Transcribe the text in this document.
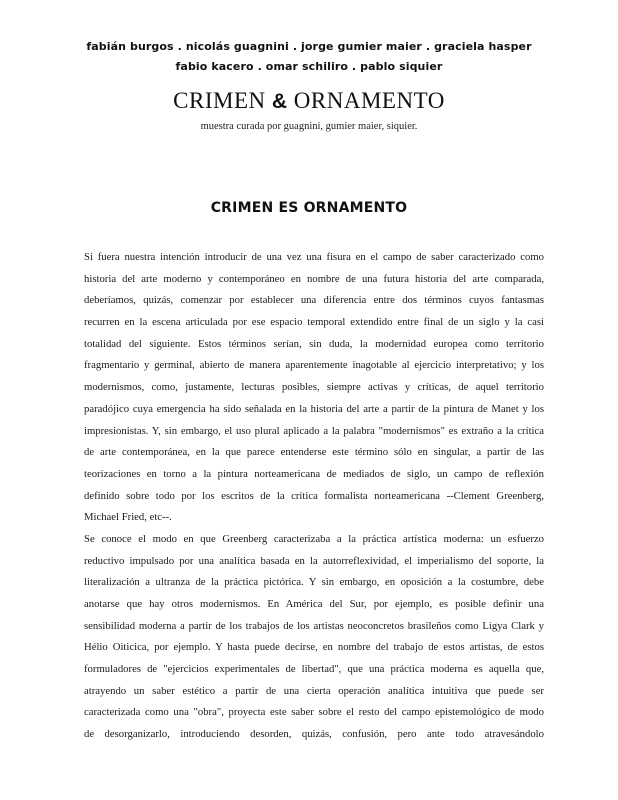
fabián burgos . nicolás guagnini . jorge gumier maier . graciela hasper
fabio kacero . omar schiliro . pablo siquier
CRIMEN & ORNAMENTO
muestra curada por guagnini, gumier maier, siquier.
CRIMEN ES ORNAMENTO
Si fuera nuestra intención introducir de una vez una fisura en el campo de saber caracterizado como
historia del arte moderno y contemporáneo en nombre de una futura historia del arte comparada,
deberíamos, quizás, comenzar por establecer una diferencia entre dos términos cuyos fantasmas
recurren en la escena articulada por ese espacio temporal extendido entre final de un siglo y la casi
totalidad del siguiente. Estos términos serían, sin duda, la modernidad europea como territorio
fragmentario y germinal, abierto de manera aparentemente inagotable al ejercicio interpretativo; y los
modernismos, como, justamente, lecturas posibles, siempre activas y críticas, de aquel territorio
paradójico cuya emergencia ha sido señalada en la historia del arte a partir de la pintura de Manet y los
impresionistas. Y, sin embargo, el uso plural aplicado a la palabra "modernismos" es extraño a la crítica
de arte contemporánea, en la que parece entenderse este término sólo en singular, a partir de las
teorizaciones en torno a la pintura norteamericana de mediados de siglo, un campo de reflexión
definido sobre todo por los escritos de la crítica formalista norteamericana --Clement Greenberg,
Michael Fried, etc--.
Se conoce el modo en que Greenberg caracterizaba a la práctica artística moderna: un esfuerzo
reductivo impulsado por una analítica basada en la autorreflexividad, el imperialismo del soporte, la
literalización a ultranza de la práctica pictórica. Y sin embargo, en oposición a la costumbre, debe
anotarse que hay otros modernismos. En América del Sur, por ejemplo, es posible definir una
sensibilidad moderna a partir de los trabajos de los artistas neoconcretos brasileños como Ligya Clark y
Hélio Oiticica, por ejemplo. Y hasta puede decirse, en nombre del trabajo de estos artistas, de estos
formuladores de "ejercicios experimentales de libertad", que una práctica moderna es aquella que,
atrayendo un saber estético a partir de una cierta operación analítica intuitiva que puede ser
caracterizada como una "obra", proyecta este saber sobre el resto del campo epistemológico de modo
de desorganizarlo, introduciendo desorden, quizás, confusión, pero ante todo atravesándolo
